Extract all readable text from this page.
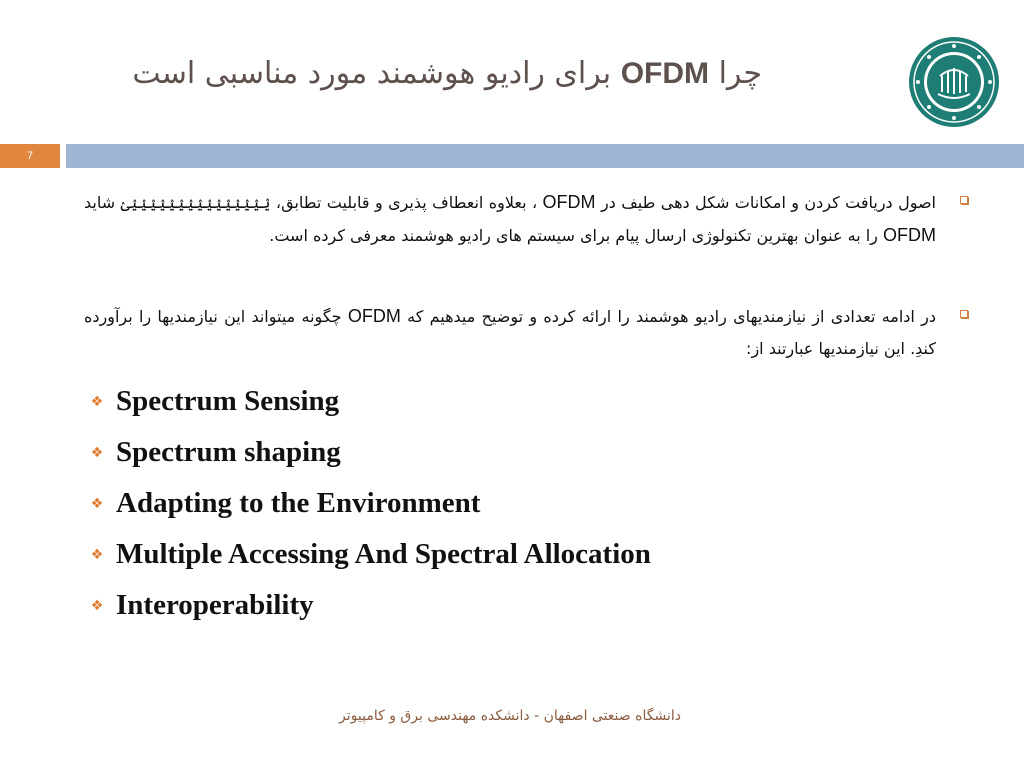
چرا OFDM برای رادیو هوشمند مورد مناسبی است
7
اصول دریافت کردن و امکانات شکل دهی طیف در OFDM ، بعلاوه انعطاف پذیری و قابلیت تطابق، ؽؽؽؽؽؽؽؽؽؽؽؽؽؽؽؽ شاید OFDM را به عنوان بهترین تکنولوژی ارسال پیام برای سیستم های رادیو هوشمند معرفی کرده است.
در ادامه تعدادی از نیازمندیهای رادیو هوشمند را ارائه کرده و توضیح میدهیم که OFDM چگونه میتواند این نیازمندیها را برآورده کندِ. این نیازمندیها عبارتند از:
❖ Spectrum Sensing
❖ Spectrum shaping
❖ Adapting to the Environment
❖ Multiple Accessing And Spectral Allocation
❖ Interoperability
دانشگاه صنعتی اصفهان - دانشکده مهندسی برق و کامپیوتر
